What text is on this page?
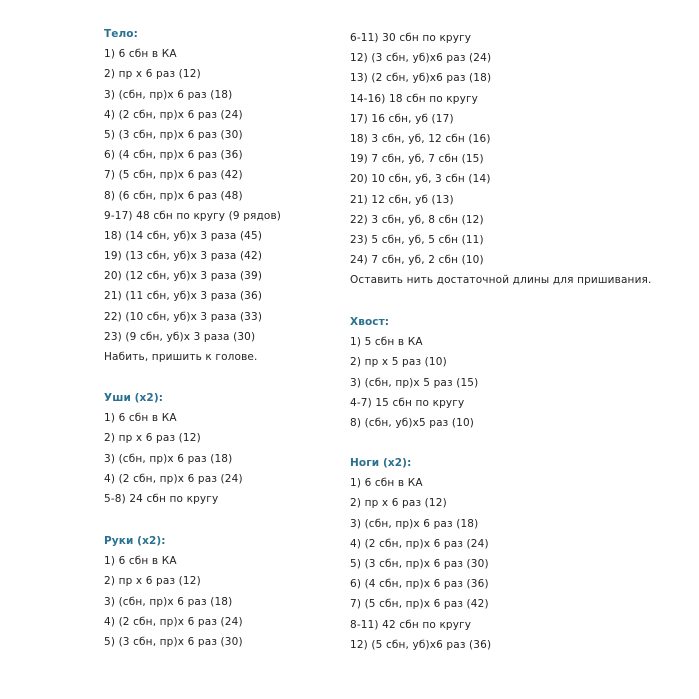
Тело:
1) 6 сбн в КА
2) пр х 6 раз (12)
3) (сбн, пр)х 6 раз (18)
4) (2 сбн, пр)х 6 раз (24)
5) (3 сбн, пр)х 6 раз (30)
6) (4 сбн, пр)х 6 раз (36)
7) (5 сбн, пр)х 6 раз (42)
8) (6 сбн, пр)х 6 раз (48)
9-17) 48 сбн по кругу (9 рядов)
18) (14 сбн, уб)х 3 раза (45)
19) (13 сбн, уб)х 3 раза (42)
20) (12 сбн, уб)х 3 раза (39)
21) (11 сбн, уб)х 3 раза (36)
22) (10 сбн, уб)х 3 раза (33)
23) (9 сбн, уб)х 3 раза (30)
Набить, пришить к голове.
Уши (х2):
1) 6 сбн в КА
2) пр х 6 раз (12)
3) (сбн, пр)х 6 раз (18)
4) (2 сбн, пр)х 6 раз (24)
5-8) 24 сбн по кругу
Руки (х2):
1) 6 сбн в КА
2) пр х 6 раз (12)
3) (сбн, пр)х 6 раз (18)
4) (2 сбн, пр)х 6 раз (24)
5) (3 сбн, пр)х 6 раз (30)
6-11) 30 сбн по кругу
12) (3 сбн, уб)х6 раз (24)
13) (2 сбн, уб)х6 раз (18)
14-16) 18 сбн по кругу
17) 16 сбн, уб (17)
18) 3 сбн, уб, 12 сбн (16)
19) 7 сбн, уб, 7 сбн (15)
20) 10 сбн, уб, 3 сбн (14)
21) 12 сбн, уб (13)
22) 3 сбн, уб, 8 сбн (12)
23) 5 сбн, уб, 5 сбн (11)
24) 7 сбн, уб, 2 сбн (10)
Оставить нить достаточной длины для пришивания.
Хвост:
1) 5 сбн в КА
2) пр х 5 раз (10)
3) (сбн, пр)х 5 раз (15)
4-7) 15 сбн по кругу
8) (сбн, уб)х5 раз (10)
Ноги (х2):
1) 6 сбн в КА
2) пр х 6 раз (12)
3) (сбн, пр)х 6 раз (18)
4) (2 сбн, пр)х 6 раз (24)
5) (3 сбн, пр)х 6 раз (30)
6) (4 сбн, пр)х 6 раз (36)
7) (5 сбн, пр)х 6 раз (42)
8-11) 42 сбн по кругу
12) (5 сбн, уб)х6 раз (36)
